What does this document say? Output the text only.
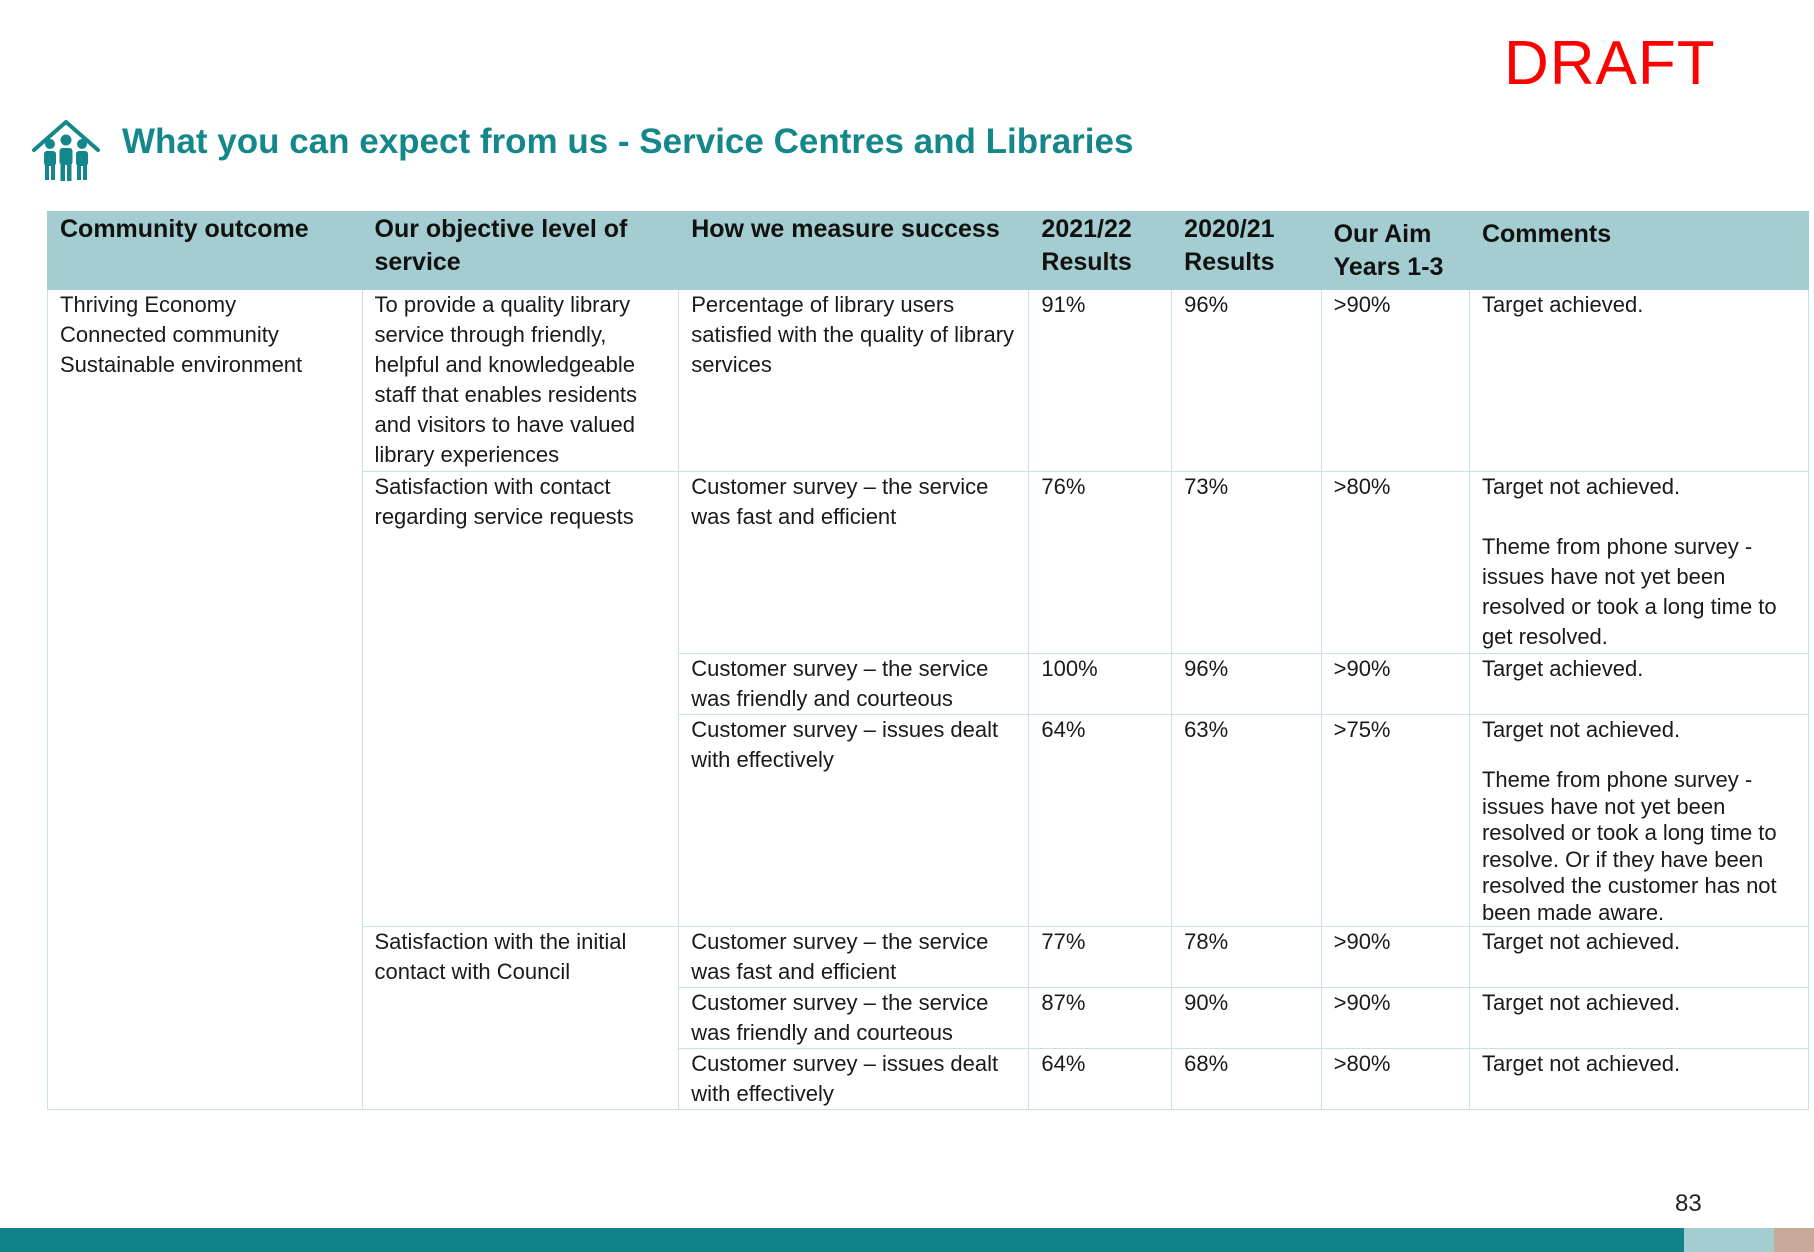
DRAFT
What you can expect from us - Service Centres and Libraries
Community outcome	Our objective level of service	How we measure success	2021/22 Results	2020/21 Results	Our Aim Years 1-3	Comments

Thriving Economy
Connected community
Sustainable environment	To provide a quality library service through friendly, helpful and knowledgeable staff that enables residents and visitors to have valued library experiences	Percentage of library users satisfied with the quality of library services	91%	96%	>90%	Target achieved.

	Satisfaction with contact regarding service requests	Customer survey – the service was fast and efficient	76%	73%	>80%	Target not achieved.
Theme from phone survey - issues have not yet been resolved or took a long time to get resolved.

		Customer survey – the service was friendly and courteous	100%	96%	>90%	Target achieved.

		Customer survey – issues dealt with effectively	64%	63%	>75%	Target not achieved.
Theme from phone survey - issues have not yet been resolved or took a long time to resolve. Or if they have been resolved the customer has not been made aware.

	Satisfaction with the initial contact with Council	Customer survey – the service was fast and efficient	77%	78%	>90%	Target not achieved.

		Customer survey – the service was friendly and courteous	87%	90%	>90%	Target not achieved.

		Customer survey – issues dealt with effectively	64%	68%	>80%	Target not achieved.
83
